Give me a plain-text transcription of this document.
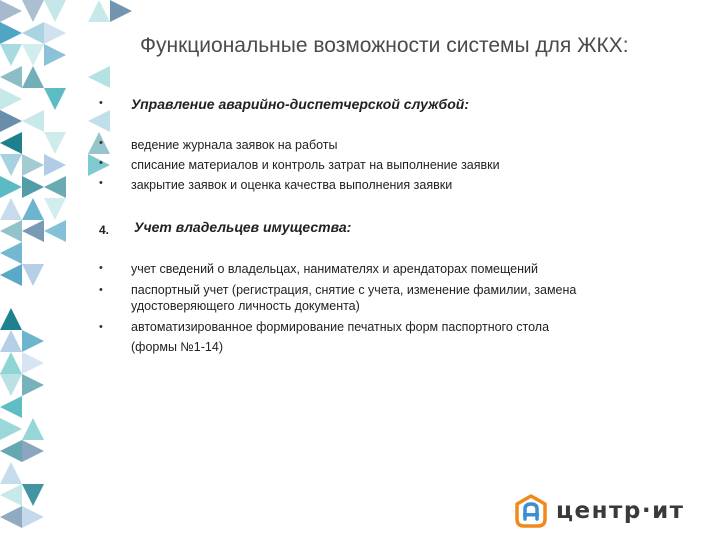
Функциональные возможности системы для ЖКХ:
• Управление аварийно-диспетчерской службой:
• ведение журнала заявок на работы
• списание материалов и контроль затрат на выполнение заявки
• закрытие заявок и оценка качества выполнения заявки
4. Учет владельцев имущества:
• учет сведений о владельцах, нанимателях и арендаторах помещений
• паспортный учет (регистрация, снятие с учета, изменение фамилии, замена
удостоверяющего личность документа)
• автоматизированное формирование печатных форм паспортного стола
(формы №1-14)
центр·ит
